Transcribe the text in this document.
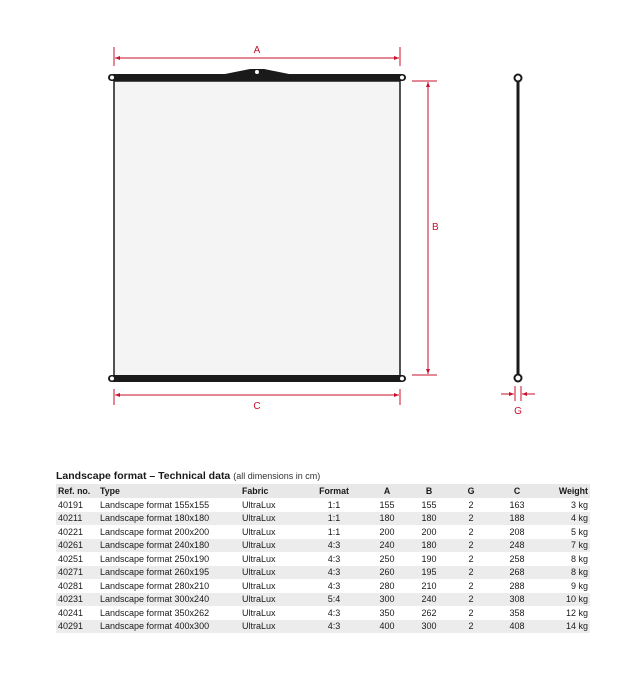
A
B
C	G
Landscape format – Technical data (all dimensions in cm)
Ref. no.	Type	Fabric	Format	A	B	G	C	Weight
40191	Landscape format 155x155	UltraLux	1:1	155	155	2	163	3 kg
40211	Landscape format 180x180	UltraLux	1:1	180	180	2	188	4 kg
40221	Landscape format 200x200	UltraLux	1:1	200	200	2	208	5 kg
40261	Landscape format 240x180	UltraLux	4:3	240	180	2	248	7 kg
40251	Landscape format 250x190	UltraLux	4:3	250	190	2	258	8 kg
40271	Landscape format 260x195	UltraLux	4:3	260	195	2	268	8 kg
40281	Landscape format 280x210	UltraLux	4:3	280	210	2	288	9 kg
40231	Landscape format 300x240	UltraLux	5:4	300	240	2	308	10 kg
40241	Landscape format 350x262	UltraLux	4:3	350	262	2	358	12 kg
40291	Landscape format 400x300	UltraLux	4:3	400	300	2	408	14 kg
